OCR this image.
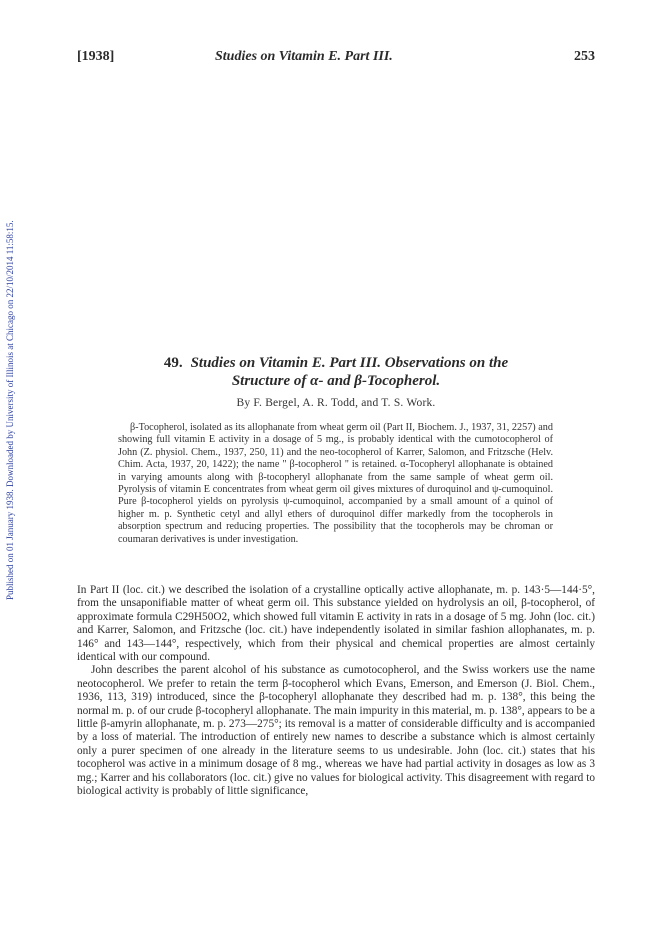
Published on 01 January 1938. Downloaded by University of Illinois at Chicago on 22/10/2014 11:58:15.
[1938]	Studies on Vitamin E. Part III.	253
49. Studies on Vitamin E. Part III. Observations on the
Structure of α- and β-Tocopherol.
By F. Bergel, A. R. Todd, and T. S. Work.
β-Tocopherol, isolated as its allophanate from wheat germ oil (Part II, Biochem. J., 1937, 31, 2257) and showing full vitamin E activity in a dosage of 5 mg., is probably identical with the cumotocopherol of John (Z. physiol. Chem., 1937, 250, 11) and the neo-tocopherol of Karrer, Salomon, and Fritzsche (Helv. Chim. Acta, 1937, 20, 1422); the name " β-tocopherol " is retained. α-Tocopheryl allophanate is obtained in varying amounts along with β-tocopheryl allophanate from the same sample of wheat germ oil. Pyrolysis of vitamin E concentrates from wheat germ oil gives mixtures of duroquinol and ψ-cumoquinol. Pure β-tocopherol yields on pyrolysis ψ-cumoquinol, accompanied by a small amount of a quinol of higher m. p. Synthetic cetyl and allyl ethers of duroquinol differ markedly from the tocopherols in absorption spectrum and reducing properties. The possibility that the tocopherols may be chroman or coumaran derivatives is under investigation.

In Part II (loc. cit.) we described the isolation of a crystalline optically active allophanate, m. p. 143·5—144·5°, from the unsaponifiable matter of wheat germ oil. This substance yielded on hydrolysis an oil, β-tocopherol, of approximate formula C29H50O2, which showed full vitamin E activity in rats in a dosage of 5 mg. John (loc. cit.) and Karrer, Salomon, and Fritzsche (loc. cit.) have independently isolated in similar fashion allophanates, m. p. 146° and 143—144°, respectively, which from their physical and chemical properties are almost certainly identical with our compound.

John describes the parent alcohol of his substance as cumotocopherol, and the Swiss workers use the name neotocopherol. We prefer to retain the term β-tocopherol which Evans, Emerson, and Emerson (J. Biol. Chem., 1936, 113, 319) introduced, since the β-tocopheryl allophanate they described had m. p. 138°, this being the normal m. p. of our crude β-tocopheryl allophanate. The main impurity in this material, m. p. 138°, appears to be a little β-amyrin allophanate, m. p. 273—275°; its removal is a matter of considerable difficulty and is accompanied by a loss of material. The introduction of entirely new names to describe a substance which is almost certainly only a purer specimen of one already in the literature seems to us undesirable. John (loc. cit.) states that his tocopherol was active in a minimum dosage of 8 mg., whereas we have had partial activity in dosages as low as 3 mg.; Karrer and his collaborators (loc. cit.) give no values for biological activity. This disagreement with regard to biological activity is probably of little significance,
